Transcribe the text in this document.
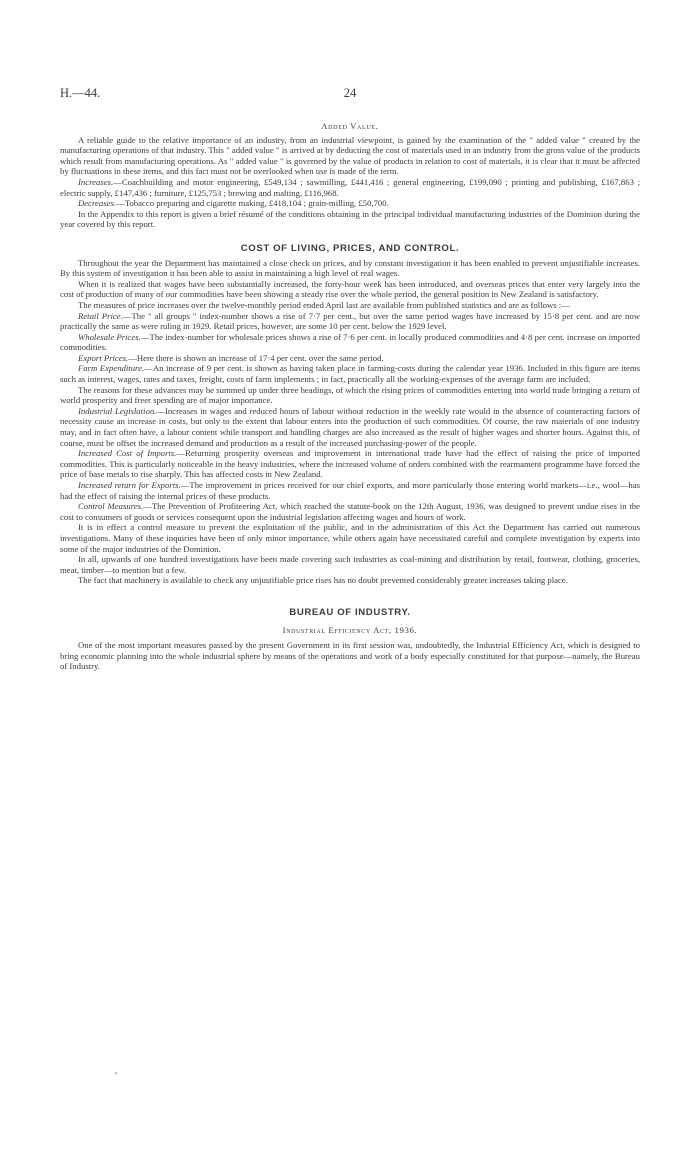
H.—44.	24
Added Value.

A reliable guide to the relative importance of an industry, from an industrial viewpoint, is gained by the examination of the " added value " created by the manufacturing operations of that industry. This " added value " is arrived at by deducting the cost of materials used in an industry from the gross value of the products which result from manufacturing operations. As " added value " is governed by the value of products in relation to cost of materials, it is clear that it must be affected by fluctuations in these items, and this fact must not be overlooked when use is made of the term.

Increases.—Coachbuilding and motor engineering, £549,134 ; sawmilling, £441,416 ; general engineering, £199,090 ; printing and publishing, £167,863 ; electric supply, £147,436 ; furniture, £125,753 ; brewing and malting, £116,968.

Decreases.—Tobacco preparing and cigarette making, £418,104 ; grain-milling, £50,700.

In the Appendix to this report is given a brief résumé of the conditions obtaining in the principal individual manufacturing industries of the Dominion during the year covered by this report.

COST OF LIVING, PRICES, AND CONTROL.

Throughout the year the Department has maintained a close check on prices, and by constant investigation it has been enabled to prevent unjustifiable increases. By this system of investigation it has been able to assist in maintaining a high level of real wages.

When it is realized that wages have been substantially increased, the forty-hour week has been introduced, and overseas prices that enter very largely into the cost of production of many of our commodities have been showing a steady rise over the whole period, the general position in New Zealand is satisfactory.

The measures of price increases over the twelve-monthly period ended April last are available from published statistics and are as follows :—

Retail Price.—The " all groups " index-number shows a rise of 7·7 per cent., but over the same period wages have increased by 15·8 per cent. and are now practically the same as were ruling in 1929. Retail prices, however, are some 10 per cent. below the 1929 level.

Wholesale Prices.—The index-number for wholesale prices shows a rise of 7·6 per cent. in locally produced commodities and 4·8 per cent. increase on imported commodities.

Export Prices.—Here there is shown an increase of 17·4 per cent. over the same period.

Farm Expenditure.—An increase of 9 per cent. is shown as having taken place in farming-costs during the calendar year 1936. Included in this figure are items such as interest, wages, rates and taxes, freight, costs of farm implements ; in fact, practically all the working-expenses of the average farm are included.

The reasons for these advances may be summed up under three headings, of which the rising prices of commodities entering into world trade bringing a return of world prosperity and freer spending are of major importance.

Industrial Legislation.—Increases in wages and reduced hours of labour without reduction in the weekly rate would in the absence of counteracting factors of necessity cause an increase in costs, but only to the extent that labour enters into the production of such commodities. Of course, the raw materials of one industry may, and in fact often have, a labour content while transport and handling charges are also increased as the result of higher wages and shorter hours. Against this, of course, must be offset the increased demand and production as a result of the increased purchasing-power of the people.

Increased Cost of Imports.—Returning prosperity overseas and improvement in international trade have had the effect of raising the price of imported commodities. This is particularly noticeable in the heavy industries, where the increased volume of orders combined with the rearmament programme have forced the price of base metals to rise sharply. This has affected costs in New Zealand.

Increased return for Exports.—The improvement in prices received for our chief exports, and more particularly those entering world markets—i.e., wool—has had the effect of raising the internal prices of these products.

Control Measures.—The Prevention of Profiteering Act, which reached the statute-book on the 12th August, 1936, was designed to prevent undue rises in the cost to consumers of goods or services consequent upon the industrial legislation affecting wages and hours of work.

It is in effect a control measure to prevent the exploitation of the public, and in the administration of this Act the Department has carried out numerous investigations. Many of these inquiries have been of only minor importance, while others again have necessitated careful and complete investigation by experts into some of the major industries of the Dominion.

In all, upwards of one hundred investigations have been made covering such industries as coal-mining and distribution by retail, footwear, clothing, groceries, meat, timber—to mention but a few.

The fact that machinery is available to check any unjustifiable price rises has no doubt prevented considerably greater increases taking place.

BUREAU OF INDUSTRY.
Industrial Efficiency Act, 1936.

One of the most important measures passed by the present Government in its first session was, undoubtedly, the Industrial Efficiency Act, which is designed to bring economic planning into the whole industrial sphere by means of the operations and work of a body especially constituted for that purpose—namely, the Bureau of Industry.

․
